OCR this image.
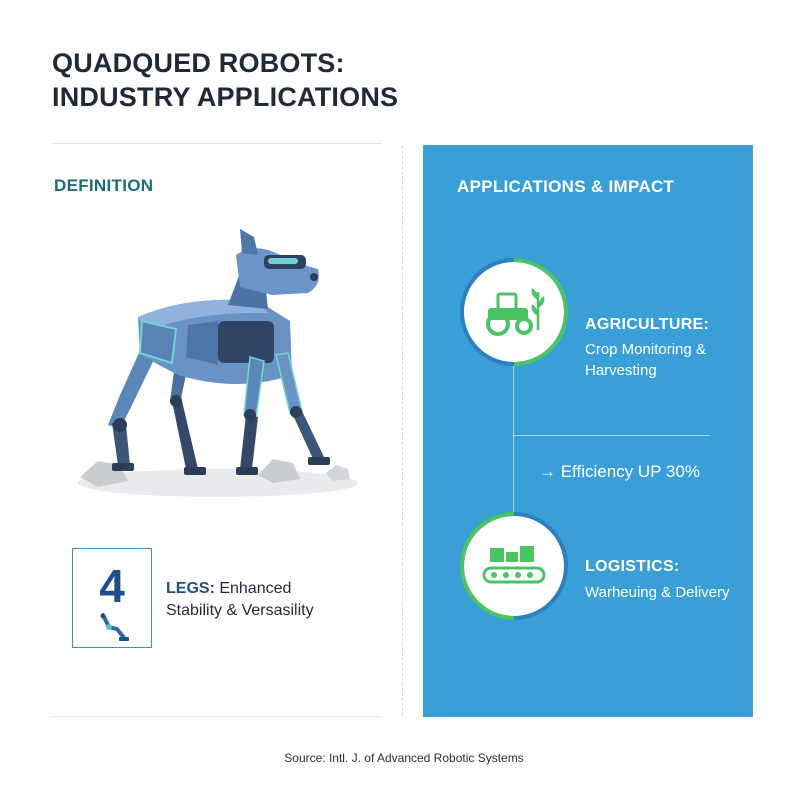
QUADQUED ROBOTS:
INDUSTRY APPLICATIONS
DEFINITION
4	LEGS: Enhanced
Stability & Versasility
APPLICATIONS & IMPACT
AGRICULTURE:
Crop Monitoring & Harvesting
→ Efficiency UP 30%
LOGISTICS:
Warheuing & Delivery
Source: Intl. J. of Advanced Robotic Systems
